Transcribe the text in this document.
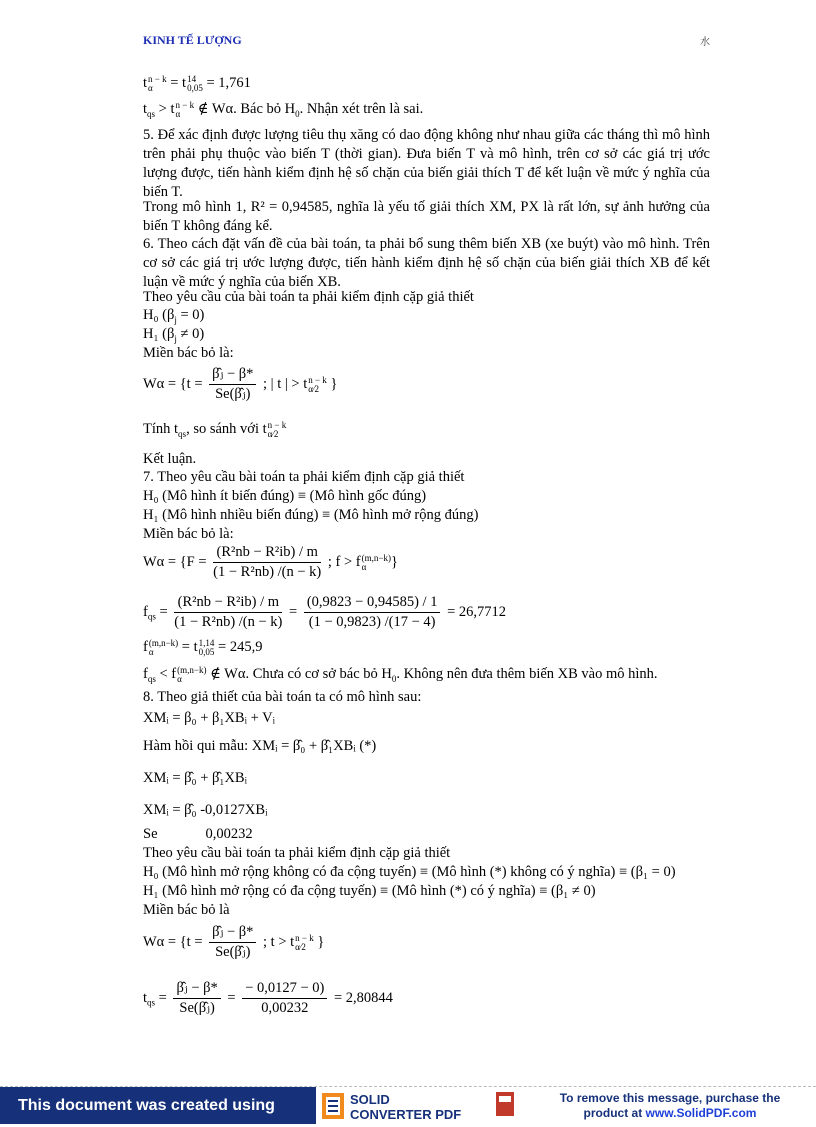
KINH TẾ LƯỢNG	水
t n − k
α = t 14
0,05 = 1,761
$t_{qs} > t$ n − k
α ∉ Wα. Bác bỏ $H_0$. Nhận xét trên là sai.
5. Để xác định được lượng tiêu thụ xăng có dao động không như nhau giữa các tháng thì mô hình trên phải phụ thuộc vào biến T (thời gian). Đưa biến T và mô hình, trên cơ sở các giá trị ước lượng được, tiến hành kiểm định hệ số chặn của biến giải thích T để kết luận về mức ý nghĩa của biến T.
Trong mô hình 1, R² = 0,94585, nghĩa là yếu tố giải thích XM, PX là rất lớn, sự ảnh hưởng của biến T không đáng kể.
6. Theo cách đặt vấn đề của bài toán, ta phải bổ sung thêm biến XB (xe buýt) vào mô hình. Trên cơ sở các giá trị ước lượng được, tiến hành kiểm định hệ số chặn của biến giải thích XB để kết luận về mức ý nghĩa của biến XB.
Theo yêu cầu của bài toán ta phải kiểm định cặp giả thiết
H₀ $(\beta_j = 0)$
H₁ $(\beta_j \ne 0)$
Miền bác bỏ là:
$W\alpha = \{t = \frac{\text{β̂ⱼ − β*}}{\text{Se(β̂ⱼ)}}$ ; | t | > t n − k
α⁄2 }
Tính $t_{qs}$, so sánh với t n − k
α⁄2
Kết luận.
7. Theo yêu cầu bài toán ta phải kiểm định cặp giả thiết
H₀ (Mô hình ít biến đúng) ≡ (Mô hình gốc đúng)
H₁ (Mô hình nhiều biến đúng) ≡ (Mô hình mở rộng đúng)
Miền bác bỏ là:
$W\alpha = \{F = \frac{\text{(R²nb − R²ib) / m}}{\text{(1 − R²nb) /(n − k)}}$ ; f > f (m,n−k)
α	}
$f_{qs} = \frac{\text{(R²nb − R²ib) / m}}{\text{(1 − R²nb) /(n − k)}} = \frac{(0,9823 - 0,94585) / 1}{(1 - 0,9823) /(17 - 4)} = 26,7712$
f (m,n−k)
α	= t 1,14
0,05 = 245,9
$f_{qs} < f$ (m,n−k)
α	∉ Wα. Chưa có cơ sở bác bỏ $H_0$. Không nên đưa thêm biến XB vào mô hình.
8. Theo giả thiết của bài toán ta có mô hình sau:
XMᵢ = β₀ + β₁XBᵢ + Vᵢ
Hàm hồi qui mẫu: XMᵢ = β̂₀ + β̂₁XBᵢ (*)
XMᵢ = β̂₀ + β̂₁XBᵢ
XMᵢ = β̂₀ -0,0127XBᵢ
Se	0,00232
Theo yêu cầu bài toán ta phải kiểm định cặp giả thiết
H₀ (Mô hình mở rộng không có đa cộng tuyến) ≡ (Mô hình (*) không có ý nghĩa) ≡ (β₁ = 0)
H₁ (Mô hình mở rộng có đa cộng tuyến) ≡ (Mô hình (*) có ý nghĩa) ≡ (β₁ ≠ 0)
Miền bác bỏ là
$W\alpha = \{t = \frac{\text{β̂ⱼ − β*}}{\text{Se(β̂ⱼ)}}$ ; t > t n − k
α⁄2 }
$t_{qs} = \frac{\text{β̂ⱼ − β*}}{\text{Se(β̂ⱼ)}} = \frac{- 0,0127 - 0)}{0,00232} = 2,80844$
This document was created using	SOLID
CONVERTER PDF
To remove this message, purchase the
product at www.SolidPDF.com
